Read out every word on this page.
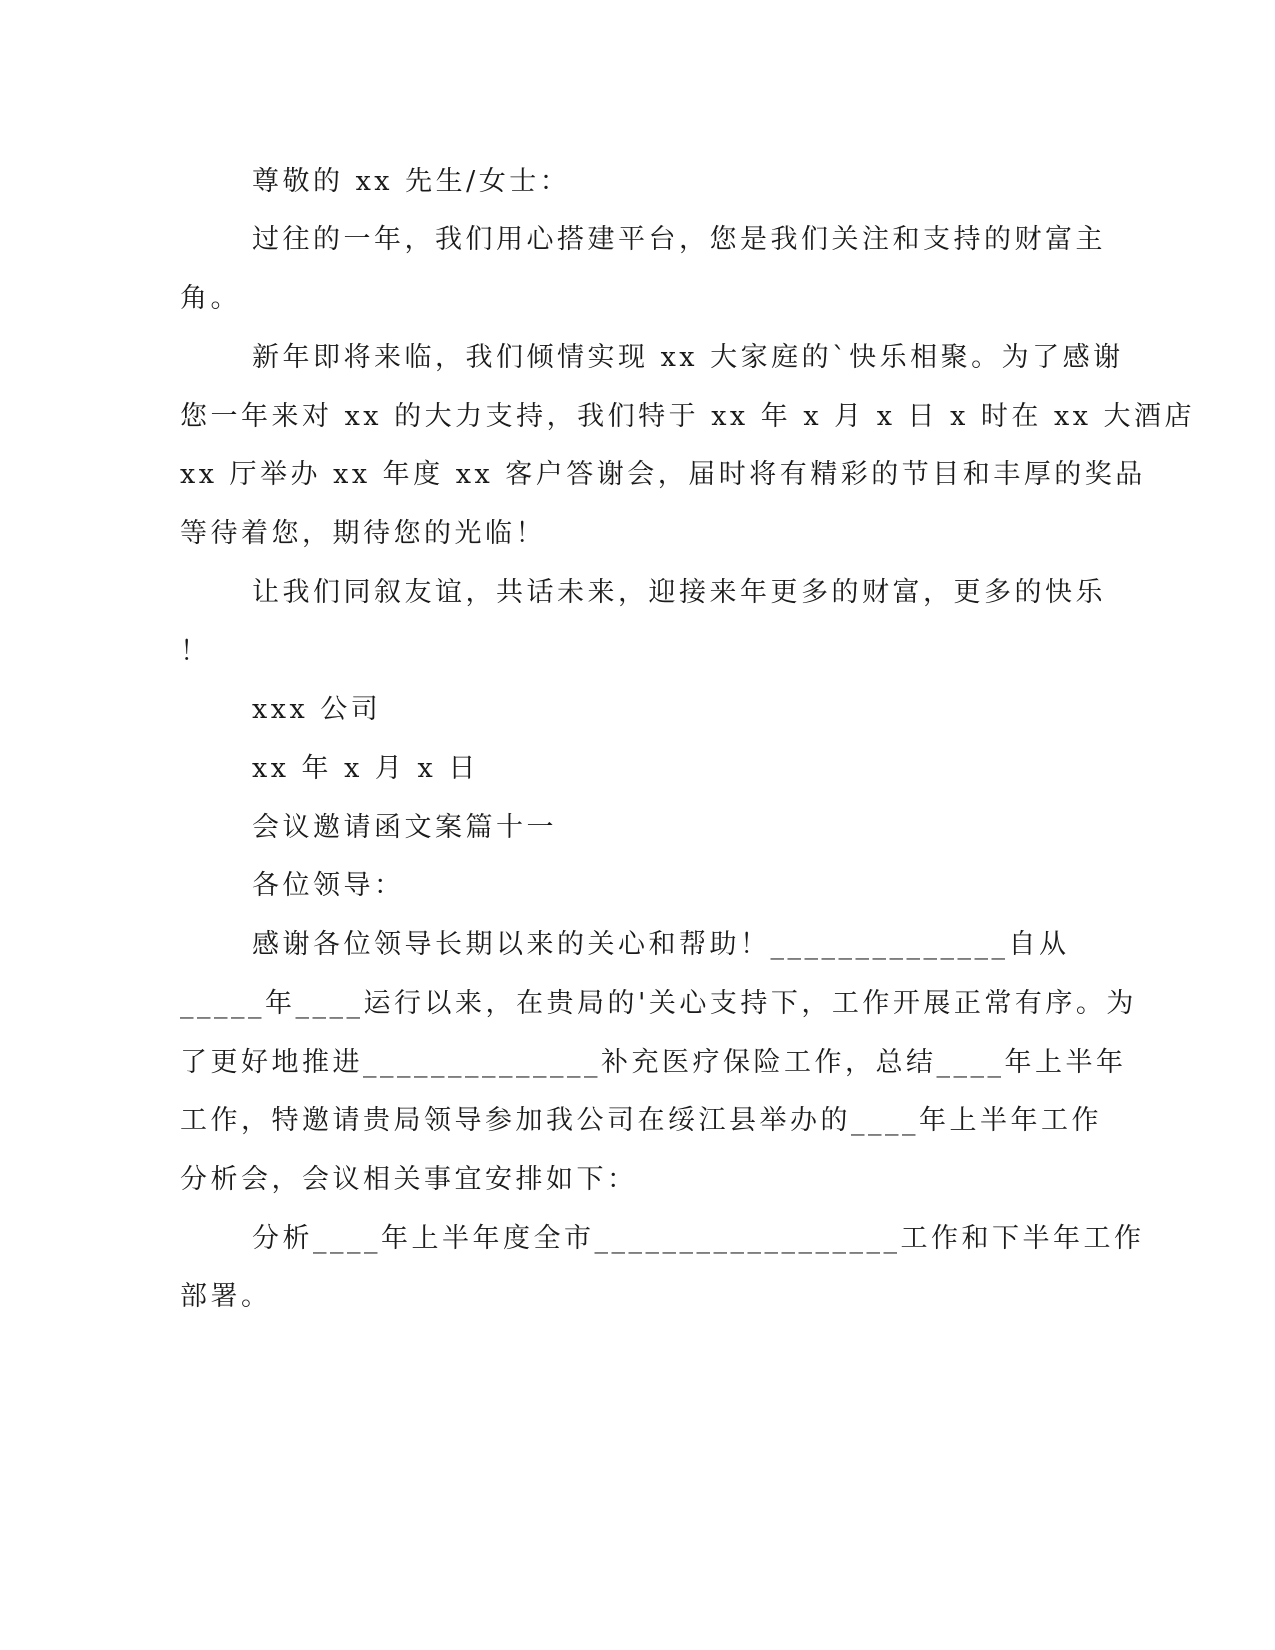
尊敬的 xx 先生/女士：

过往的一年，我们用心搭建平台，您是我们关注和支持的财富主

角。

新年即将来临，我们倾情实现 xx 大家庭的`快乐相聚。为了感谢

您一年来对 xx 的大力支持，我们特于 xx 年 x 月 x 日 x 时在 xx 大酒店

xx 厅举办 xx 年度 xx 客户答谢会，届时将有精彩的节目和丰厚的奖品

等待着您，期待您的光临！

让我们同叙友谊，共话未来，迎接来年更多的财富，更多的快乐

！

xxx 公司

xx 年 x 月 x 日

会议邀请函文案篇十一

各位领导：

感谢各位领导长期以来的关心和帮助！______________自从

_____年____运行以来，在贵局的'关心支持下，工作开展正常有序。为

了更好地推进______________补充医疗保险工作，总结____年上半年

工作，特邀请贵局领导参加我公司在绥江县举办的____年上半年工作

分析会，会议相关事宜安排如下：

分析____年上半年度全市__________________工作和下半年工作

部署。
